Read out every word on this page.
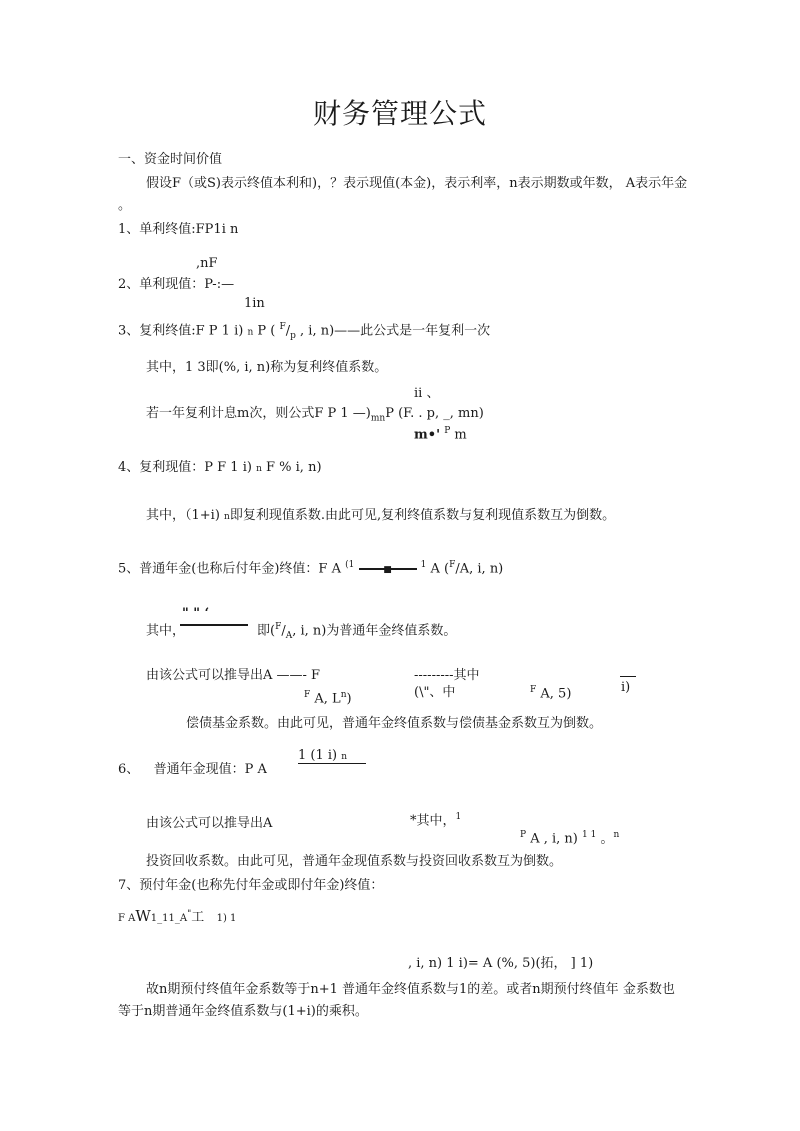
财务管理公式
一、资金时间价值
假设F（或S)表示终值本利和)，？表示现值(本金)，表示利率，n表示期数或年数， A表示年金
。
1、单利终值:FP1i n
,nF
2、单利现值：P-:—
1in
3、复利终值:F P 1 i) n P ( $^F/_p$ , i, n)——此公式是一年复利一次
其中，1 3即(%, i, n)称为复利终值系数。
ii 、
若一年复利计息m次，则公式F P 1 $—)_{mn}P$ (F. . p, _, mn)
m•' $^P$ m
4、复利现值：P F 1 i) n F % i, n)
其中，（1+i) n即复利现值系数.由此可见,复利终值系数与复利现值系数互为倒数。
5、普通年金(也称后付年金)终值：F A $^{(1}$
■ $^1$ A ($^F$/A, i, n)
" " ‘
其中，	即($^F/_A$, i, n)为普通年金终值系数。
由该公式可以推导出A ——- F	---------其中
$^F$ A, $L^n$)	(\"、中	$^F$ A, 5)	i)
偿债基金系数。由此可见，普通年金终值系数与偿债基金系数互为倒数。
1 (1 i) n
6、 普通年金现值：P A
由该公式可以推导出A	*其中，$^1$
$^P$ A , i, n) $^{1 1}$ 。$^n$
投资回收系数。由此可见，普通年金现值系数与投资回收系数互为倒数。
7、预付年金(也称先付年金或即付年金)终值：
F AW1_11_A"工 1) 1
, i, n) 1 i)= A (%, 5)(拓， ] 1)
故n期预付终值年金系数等于n+1 普通年金终值系数与1的差。或者n期预付终值年 金系数也
等于n期普通年金终值系数与(1+i)的乘积。
